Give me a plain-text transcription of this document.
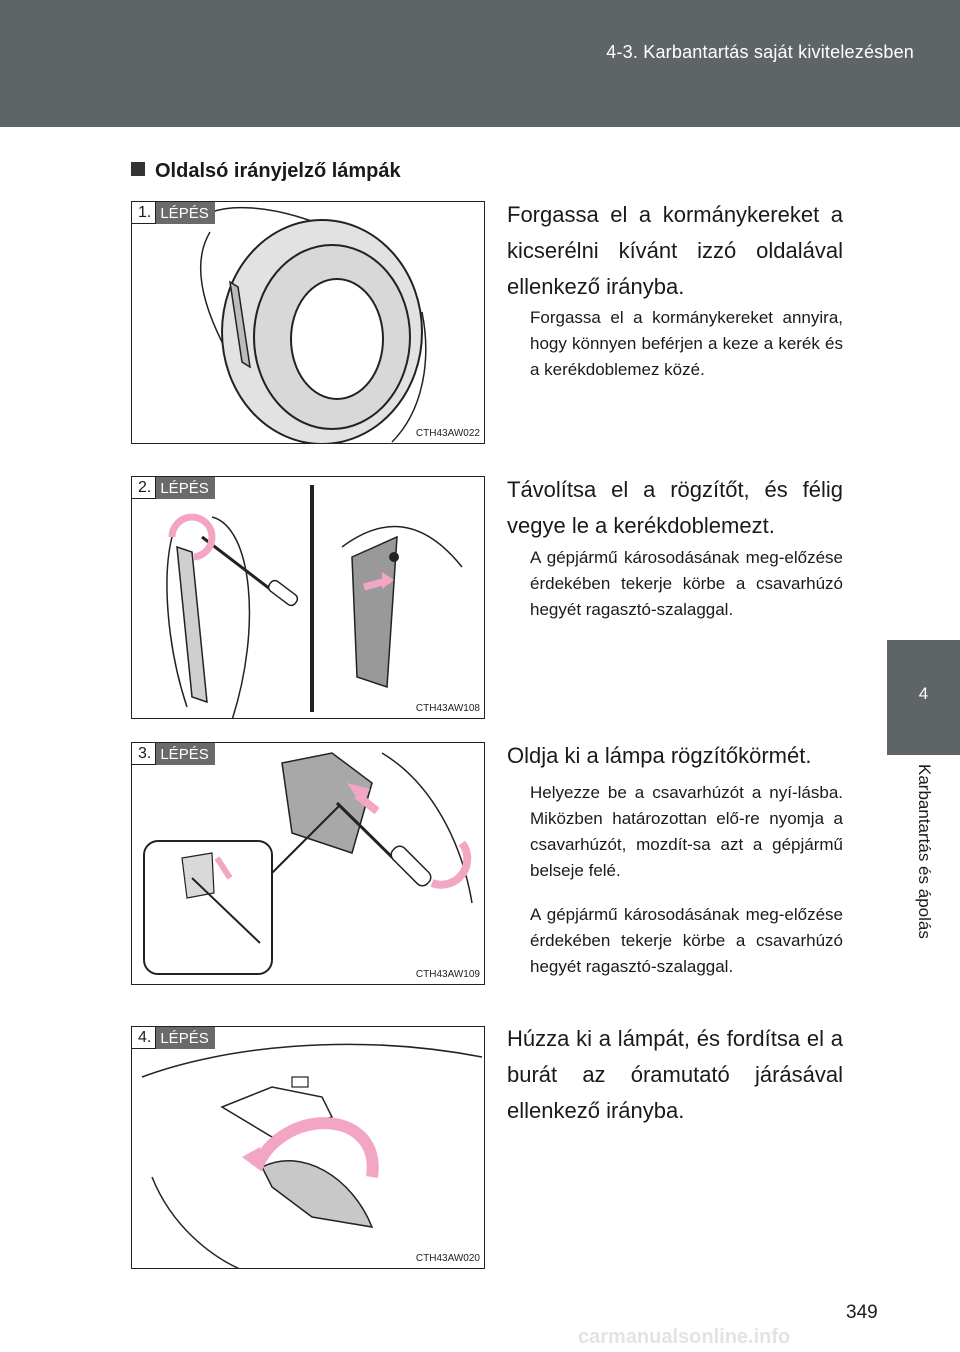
4-3. Karbantartás saját kivitelezésben
4
Karbantartás és ápolás
Oldalsó irányjelző lámpák
1. LÉPÉS
CTH43AW022
Forgassa el a kormánykereket a kicserélni kívánt izzó oldalával ellenkező irányba.
Forgassa el a kormánykereket annyira, hogy könnyen beférjen a keze a kerék és a kerékdoblemez közé.
2. LÉPÉS
CTH43AW108
Távolítsa el a rögzítőt, és félig vegye le a kerékdoblemezt.
A gépjármű károsodásának meg-előzése érdekében tekerje körbe a csavarhúzó hegyét ragasztó-szalaggal.
3. LÉPÉS
CTH43AW109
Oldja ki a lámpa rögzítőkörmét.
Helyezze be a csavarhúzót a nyí-lásba. Miközben határozottan elő-re nyomja a csavarhúzót, mozdít-sa azt a gépjármű belseje felé.
A gépjármű károsodásának meg-előzése érdekében tekerje körbe a csavarhúzó hegyét ragasztó-szalaggal.
4. LÉPÉS
CTH43AW020
Húzza ki a lámpát, és fordítsa el a burát az óramutató járásával ellenkező irányba.
349
carmanualsonline.info
